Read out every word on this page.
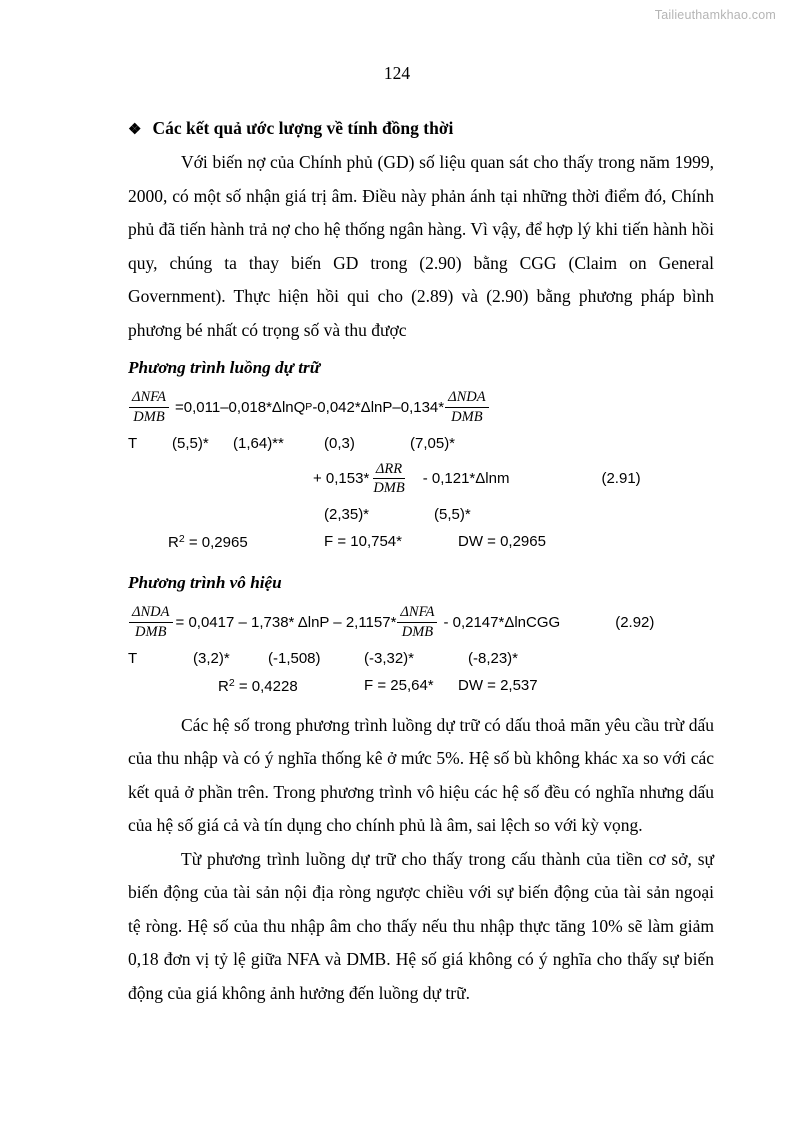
Tailieuthamkhao.com
124
❖ Các kết quả ước lượng về tính đồng thời

Với biến nợ của Chính phủ (GD) số liệu quan sát cho thấy trong năm 1999, 2000, có một số nhận giá trị âm. Điều này phản ánh tại những thời điểm đó, Chính phủ đã tiến hành trả nợ cho hệ thống ngân hàng. Vì vậy, để hợp lý khi tiến hành hồi quy, chúng ta thay biến GD trong (2.90) bằng CGG (Claim on General Government). Thực hiện hồi qui cho (2.89) và (2.90) bằng phương pháp bình phương bé nhất có trọng số và thu được

Phương trình luồng dự trữ
$\frac{\text{ΔNFA}}{\text{DMB}} =0,011-0,018*\Delta\ln Q$ P $-0,042*\Delta\ln P-0,134* \frac{\text{ΔNDA}}{\text{DMB}}$
T (5,5)* (1,64)**	(0,3)	(7,05)*
+ $0,153* \frac{\text{ΔRR}}{\text{DMB}} - 0,121*\Delta\ln m$	(2.91)
(2,35)*	(5,5)*
$R^2 = 0,2965$	F = 10,754*	DW = 0,2965
Phương trình vô hiệu
$\frac{\text{ΔNDA}}{\text{DMB}} = 0,0417 - 1,738*$ ΔlnP – $2,1157* \frac{\text{ΔNFA}}{\text{DMB}}$ - 0,2147*ΔlnCGG	(2.92)
T	(3,2)*	(-1,508)	(-3,32)*	(-8,23)*
$R^2 = 0,4228$	F = 25,64* DW = 2,537

Các hệ số trong phương trình luồng dự trữ có dấu thoả mãn yêu cầu trừ dấu của thu nhập và có ý nghĩa thống kê ở mức 5%. Hệ số bù không khác xa so với các kết quả ở phần trên. Trong phương trình vô hiệu các hệ số đều có nghĩa nhưng dấu của hệ số giá cả và tín dụng cho chính phủ là âm, sai lệch so với kỳ vọng.

Từ phương trình luồng dự trữ cho thấy trong cấu thành của tiền cơ sở, sự biến động của tài sản nội địa ròng ngược chiều với sự biến động của tài sản ngoại tệ ròng. Hệ số của thu nhập âm cho thấy nếu thu nhập thực tăng 10% sẽ làm giảm 0,18 đơn vị tỷ lệ giữa NFA và DMB. Hệ số giá không có ý nghĩa cho thấy sự biến động của giá không ảnh hưởng đến luồng dự trữ.
